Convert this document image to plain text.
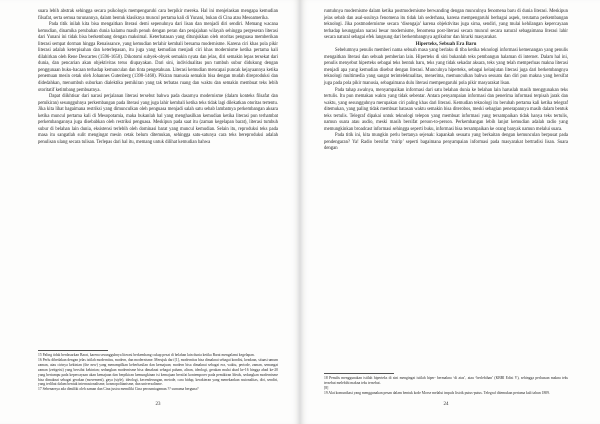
suara lebih abstrak sehingga secara psikologis mempengaruhi cara berpikir mereka. Hal ini menjelaskan mengapa kemudian filsafat, serta semua turunannya, dalam bentuk klasiknya muncul pertama kali di Yunani, bukan di Cina atau Mesoamerika.

Pada titik inilah kita bisa mengaitkan literasi demi sepenuhnya dari lisan dan menjadi diri sendiri. Memang wacana kemudian, dinamika perubahan dunia kalamu masih penuh dengan peran dan penjajahan wilayah sehingga pergeseran literasi dari Yunani ini tidak bisa berkembang dengan maksimal. Keterbatasan yang ditunjukkan oleh otoritas penguasa memberikan literasi sempat dorman hingga Renaissance, yang kemudian terlahir kembali bersama modernisme. Karena ciri khas pola pikir literasi adalah keterpisahan dan keterlepasan, itu juga yang kemudian menjadi ciri khas modernisme ketika pertama kali dilahirkan oleh Rene Descartes (1596-1650). Dikotomi subyek-obyek semakin nyata dan jelas, diri semakin lepas tersekat dari dunia, dan pencarian akan objektivitas terus diupayakan. Dari sini, individualitas pun tumbuh subur didukung dengan penggunaan buku-bacaan terhadap kemunculan dan tinta pengetahuan. Literasi kemudian mencapai puncak kejayaannya ketika penemuan mesin cetak oleh Johannes Gutenberg (1398-1468). Pikiran manusia semakin bisa dengan mudah direproduksi dan didedahkan, menumbuh suburkan dialektika pemikiran yang tak terbatas ruang dan waktu dan semakin membuat teks lebih otoritatif ketimbang pembuatnya.

Dapat diikhtisar dari narasi perjalanan literasi tersebut bahwa pada dasarnya modernisme (dalam konteks filsafat dan pemikiran) sesungguhnya perkembangan pada literasi yang juga lahir kembali ketika teks tidak lagi dilekatkan otoritas tertentu. Jika kita lihat bagaimana restriksi yang dimunculkan oleh penguasa menjadi salah satu sebab lambatnya perkembangan aksara ketika muncul pertama kali di Mesopotamia, maka bukanlah hal yang menghasilkan kemudian ketika literasi pun terhambat perkembangannya juga disebabkan oleh restriksi penguasa. Meskipun pada saat itu (zaman kegelapan barat), literasi tumbuh subur di belahan lain dunia, eksistensi terlebih oleh dominasi barat yang muncul kemudian. Selain itu, reproduksi teks pada masa itu sangatlah sulit mengingat mesin cetak belum ditemukan, sehingga satu-satunya cara teks bereproduksi adalah penulisan ulang secara tulisan. Terlepas dari hal itu, memang untuk dilihat kemudian bahwa

15 Paling tidak berdasarkan Barat, karena sesungguhnya literasi berkembang cukup pesat di belahan lain dunia ketika Barat mengalami kegelapan.

16 Perlu dibedakan dengan jelas istilah modernitas, modern, dan modernisme. Merujuk dari [1], modernitas bisa dimaknai sebagai kondisi, keadaan, situasi umum zaman, atau cirinya kekinian (the new) yang menampilkan keberhasilan dan kemajuan; modern bisa dimaknai sebagai era, waktu, periode, zaman, semangat zaman (zeitgeist) yang bersifat kekinian; sedangkan modernisme bisa dimaknai sebagai paham, aliran, ideologi, gerakan mulai abad ke-16 hingga abad ke-20 yang bertumpu pada kepercayaan akan kemajuan dan berpikiran kemungkinan isi kemajuan bersifat kontemporer pada pemikiran Ideals, sedangkan modernisme bisa dimaknai sebagai gerakan (movement), gaya (style), ideologi, kecenderungan, metode, cara hidup, kerakteran yang menekankan rasionalitas, diri, sendiri, yang terlihat dalam bentuk internasionalisme, kosmopolitanisme, dan universalisme.

17 Sebenarnya ada dimiliki oleh zaman dan Cina justru memiliki Cina peroumiagaman.?? surnama berguna?

23

runtuhnya modernisme dalam ketika postmodernisme berwanding dengan munculnya fenomena baru di dunia literasi. Meskipun jelas sebab dan asal-usulnya fenomena itu tidak lah sederhana, karena mempengaruhi berbagai aspek, terutama perkembangan teknologi. Jika postmodernisme secara ‘disengaja’ karena objektivitas juga sirna, sendiri, yang mulai kehilangan kepercayaan terhadap keunggulan narasi besar modernisme, fenomena post-literasi secara muncul secara natural sebagaimana literasi lahir secara natural sebagai efek langsung dari berkembangnya agrikultur dan hirarki masyarakat.

Hiperteks, Sebuah Era Baru

Sebelumnya penulis memberi nama sebuah masa yang berlaku di tiba ketika teknologi informasi kemenangan yang penulis mengaitkan literasi dan sebuah pemberian lain. Hiperteks di sini bukanlah teks pembangun halaman di internet. Dalam hal ini, penulis menyebut hiperteks sebagai teks bentuk baru, teks yang tidak sekadar aksara, teks yang telah memperluas makna literasi menjadi apa yang kemudian disebut dengan literasi. Munculnya hiperteks, sebagai kelanjutan literasi juga dari berkembangnya teknologi multimedia yang sangat terintelektualitas, menerima, memunculkan bahwa sesuatu dan diri pun makna yang bersifat juga pada pola pikir manusia, sebagaimana dulu literasi mempengaruhi pola pikir masyarakat lisan.

Pada tahap awalnya, menyampaikan informasi dari satu belahan dunia ke belahan lain haruslah masih menggunakan teks tertulis. Itu pun memakan waktu yang tidak sebentar. Antara penyampaian informasi dan penerima informasi terpisah jarak dan waktu, yang sesungguhnya merupakan ciri paling khas dari literasi. Kemudian teknologi itu berubah pertama kali ketika telegraf ditemukan, yang paling tidak membuat batasan waktu semakin bisa diterobos, meski sebagian penerapannya masih dalam bentuk teks tertulis. Telegraf dipakai untuk teknologi telepon yang membuat informasi yang tersampaikan tidak hanya teks tertulis, namun suara atau audio, meski masih bersifat person-to-person. Perkembangan lebih lanjut kemudian adalah radio yang memungkinkan broadcast informasi sehingga seperti buku, informasi bisa tersampaikan ke orang banyak namun melalui suara.

Pada titik ini, kita mungkin perlu bertanya sejenak: kapankah sesuatu yang berkaitan dengan kemunculan berpusat pada pendengaran? Ya! Radio bersifat ‘mirip’ seperti bagaimana penyampaian informasi pada masyarakat bertradisi lisan. Suara dengan

18 Penulis menggunakan istilah hiperteks di sini mengingat istilah hiper- bermakna ‘di atas’, atau ‘berlebihan’ (KBBI Edisi V), sehingga perluasan makna teks tersebut melebihi makna teks tersebut.

[8]

19 Alat komunikasi yang menggunakan pesan dalam bentuk kode Morse melalui impuls listrik putus-putus. Telegraf ditemukan pertama kali tahun 1809.

24
